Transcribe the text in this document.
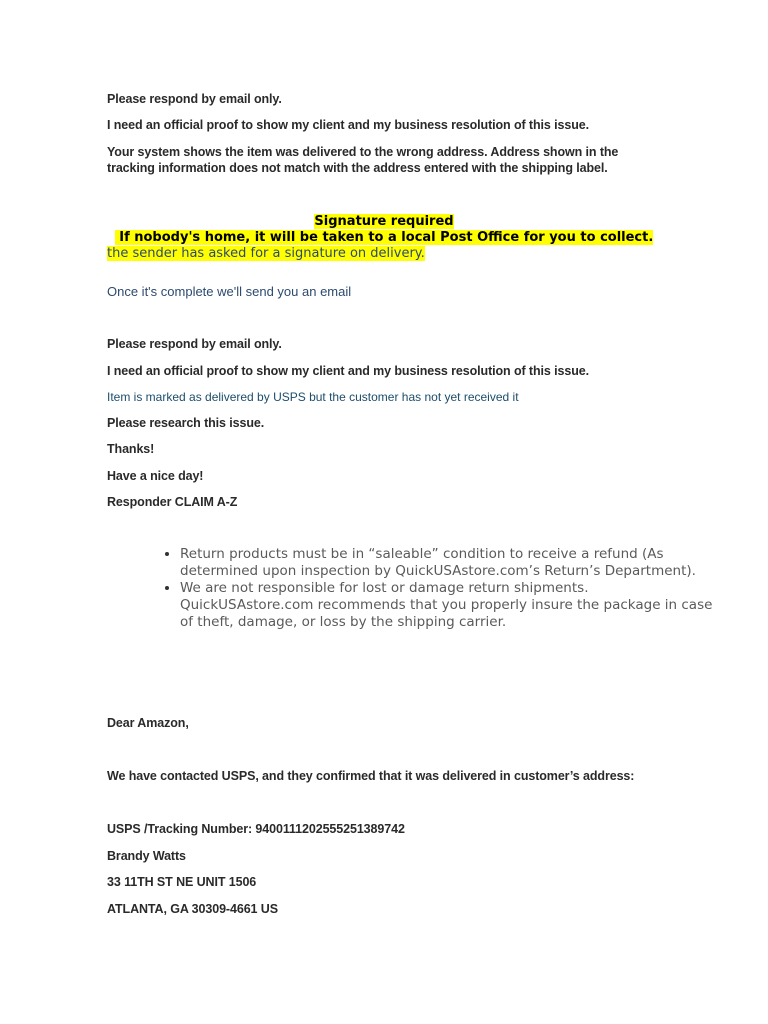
Please respond by email only.

I need an official proof to show my client and my business resolution of this issue.

Your system shows the item was delivered to the wrong address. Address shown in the

tracking information does not match with the address entered with the shipping label.

Signature required
If nobody's home, it will be taken to a local Post Office for you to collect.

the sender has asked for a signature on delivery.

Once it's complete we'll send you an email

Please respond by email only.

I need an official proof to show my client and my business resolution of this issue.

Item is marked as delivered by USPS but the customer has not yet received it

Please research this issue.

Thanks!

Have a nice day!

Responder CLAIM A-Z

• Return products must be in “saleable” condition to receive a refund (As determined upon inspection by QuickUSAstore.com’s Return’s Department).
• We are not responsible for lost or damage return shipments. QuickUSAstore.com recommends that you properly insure the package in case of theft, damage, or loss by the shipping carrier.

Dear Amazon,

We have contacted USPS, and they confirmed that it was delivered in customer’s address:

USPS /Tracking Number: 9400111202555251389742

Brandy Watts

33 11TH ST NE UNIT 1506

ATLANTA, GA 30309-4661 US
